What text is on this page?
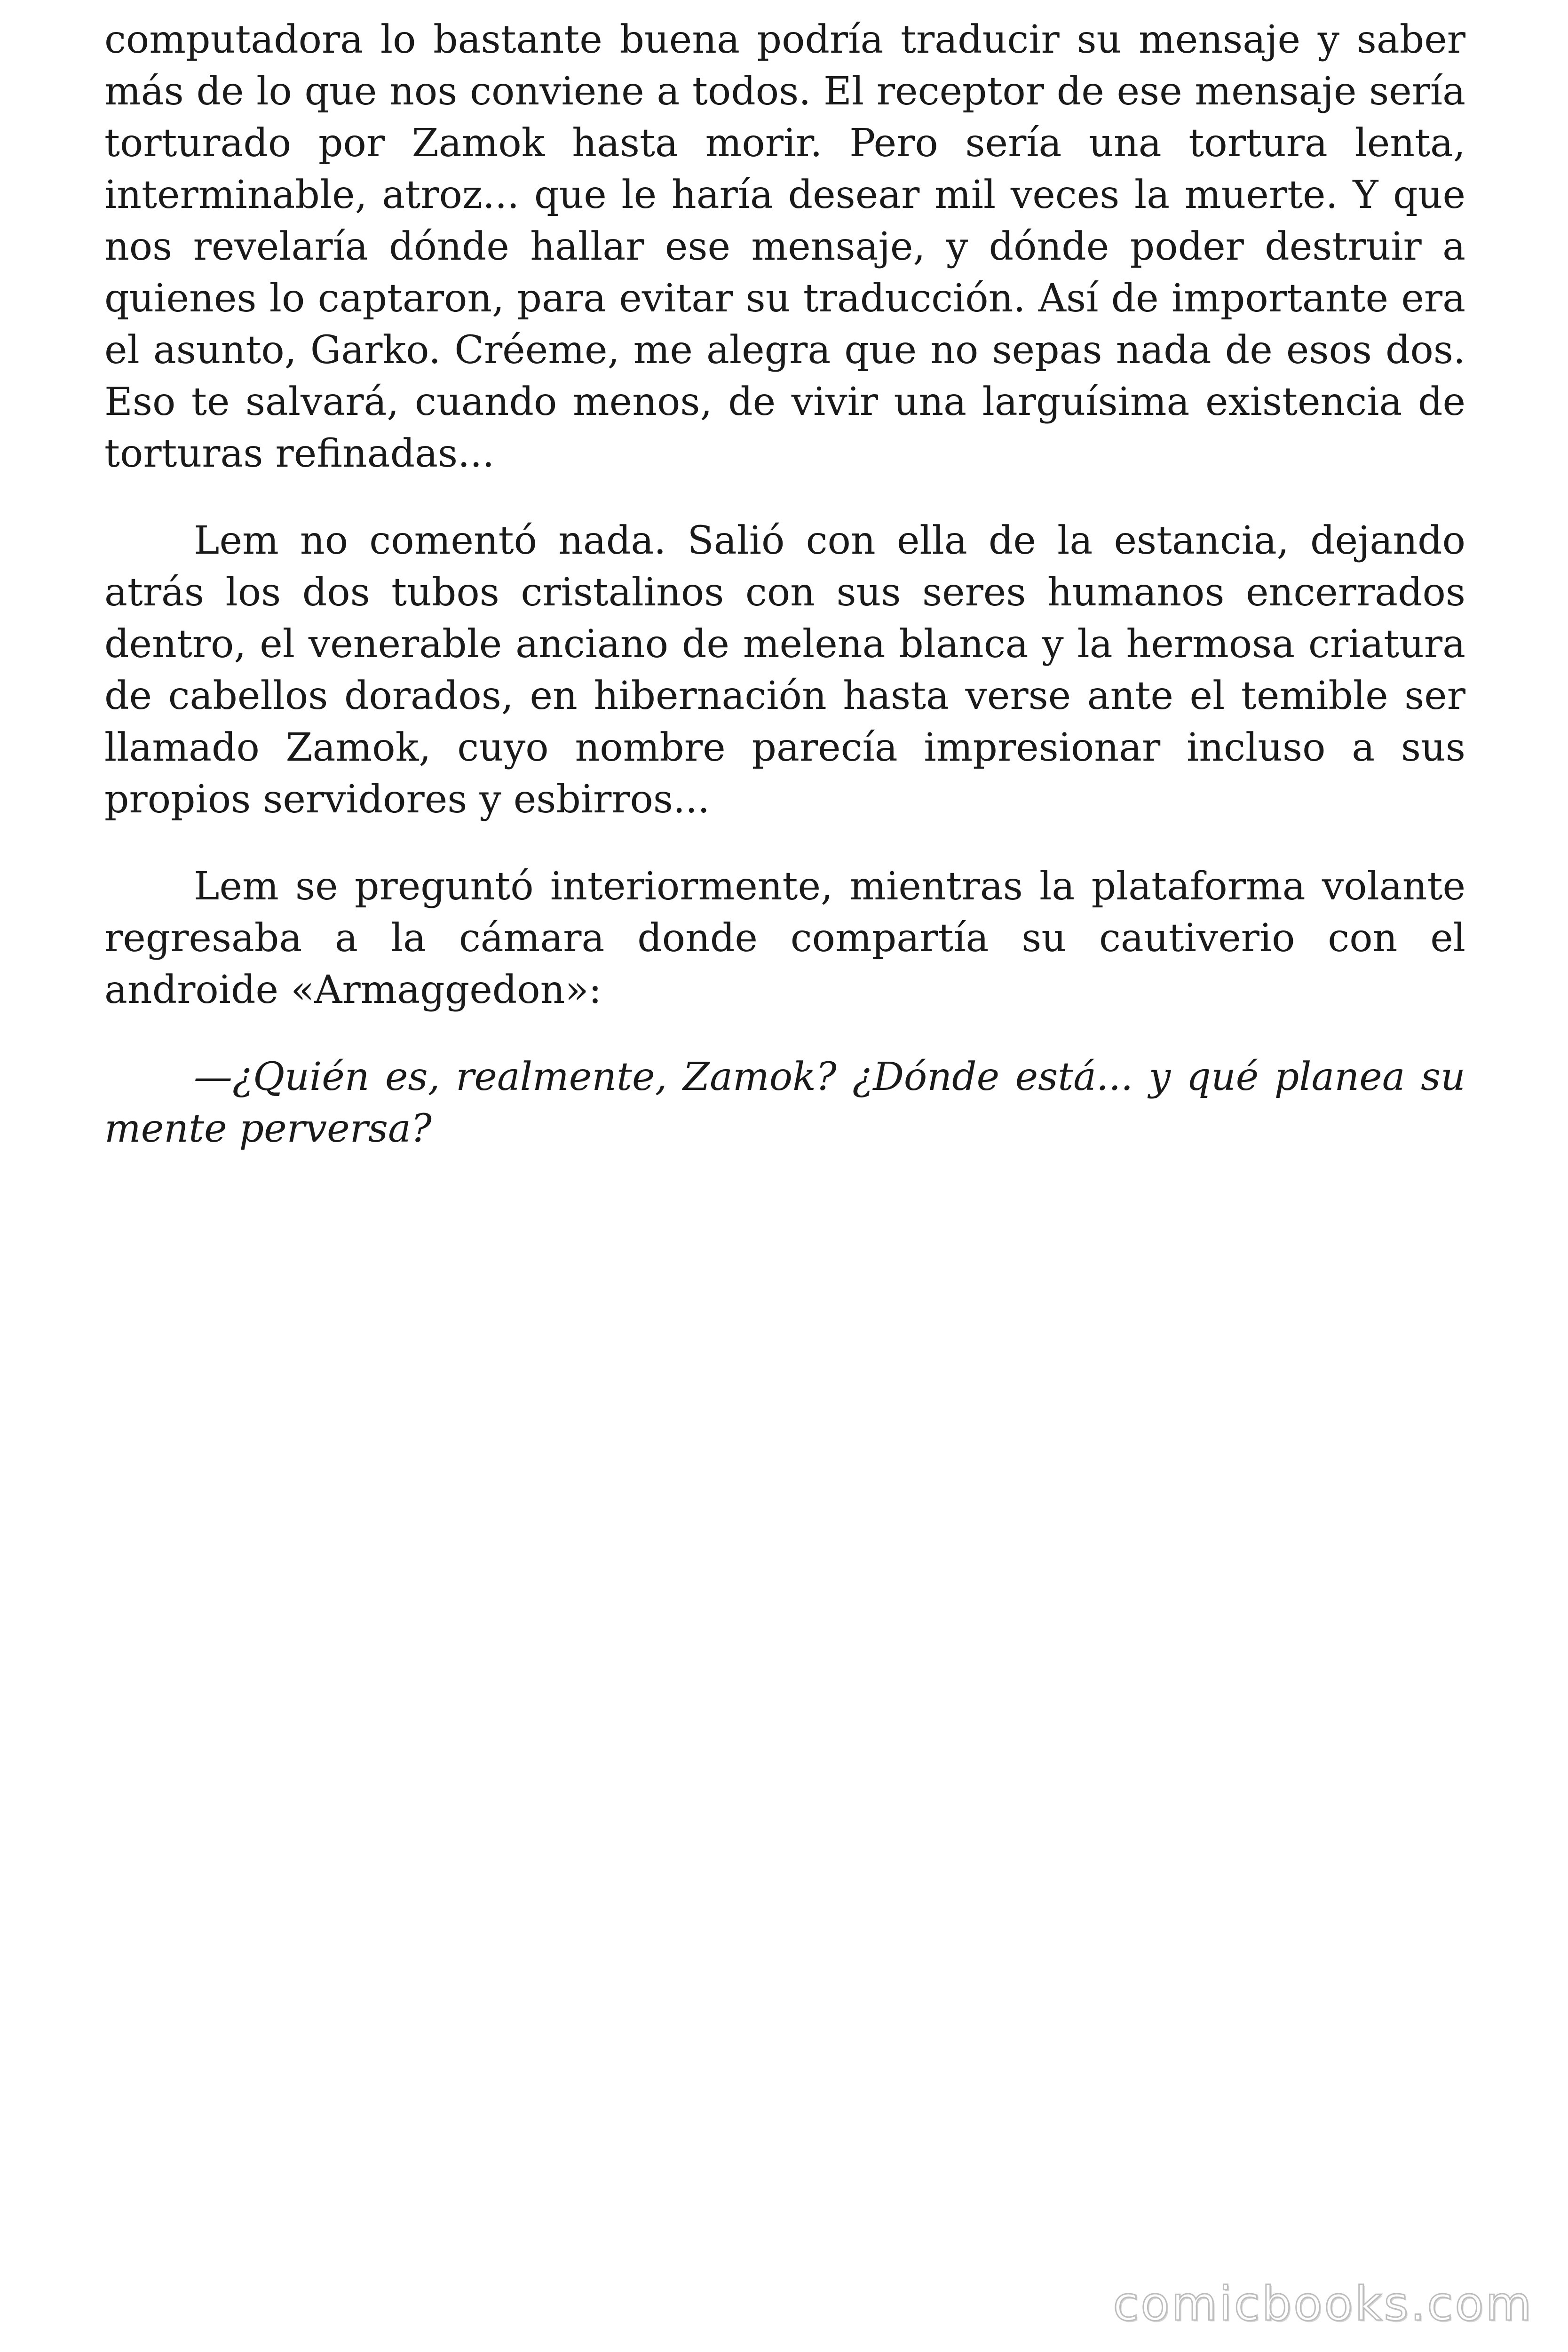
computadora lo bastante buena podría traducir su mensaje y saber más de lo que nos conviene a todos. El receptor de ese mensaje sería torturado por Zamok hasta morir. Pero sería una tortura lenta, interminable, atroz... que le haría desear mil veces la muerte. Y que nos revelaría dónde hallar ese mensaje, y dónde poder destruir a quienes lo captaron, para evitar su traducción. Así de importante era el asunto, Garko. Créeme, me alegra que no sepas nada de esos dos. Eso te salvará, cuando menos, de vivir una larguísima existencia de torturas refinadas...

Lem no comentó nada. Salió con ella de la estancia, dejando atrás los dos tubos cristalinos con sus seres humanos encerrados dentro, el venerable anciano de melena blanca y la hermosa criatura de cabellos dorados, en hibernación hasta verse ante el temible ser llamado Zamok, cuyo nombre parecía impresionar incluso a sus propios servidores y esbirros...

Lem se preguntó interiormente, mientras la plataforma volante regresaba a la cámara donde compartía su cautiverio con el androide «Armaggedon»:

—¿Quién es, realmente, Zamok? ¿Dónde está... y qué planea su mente perversa?

comicbooks.com
